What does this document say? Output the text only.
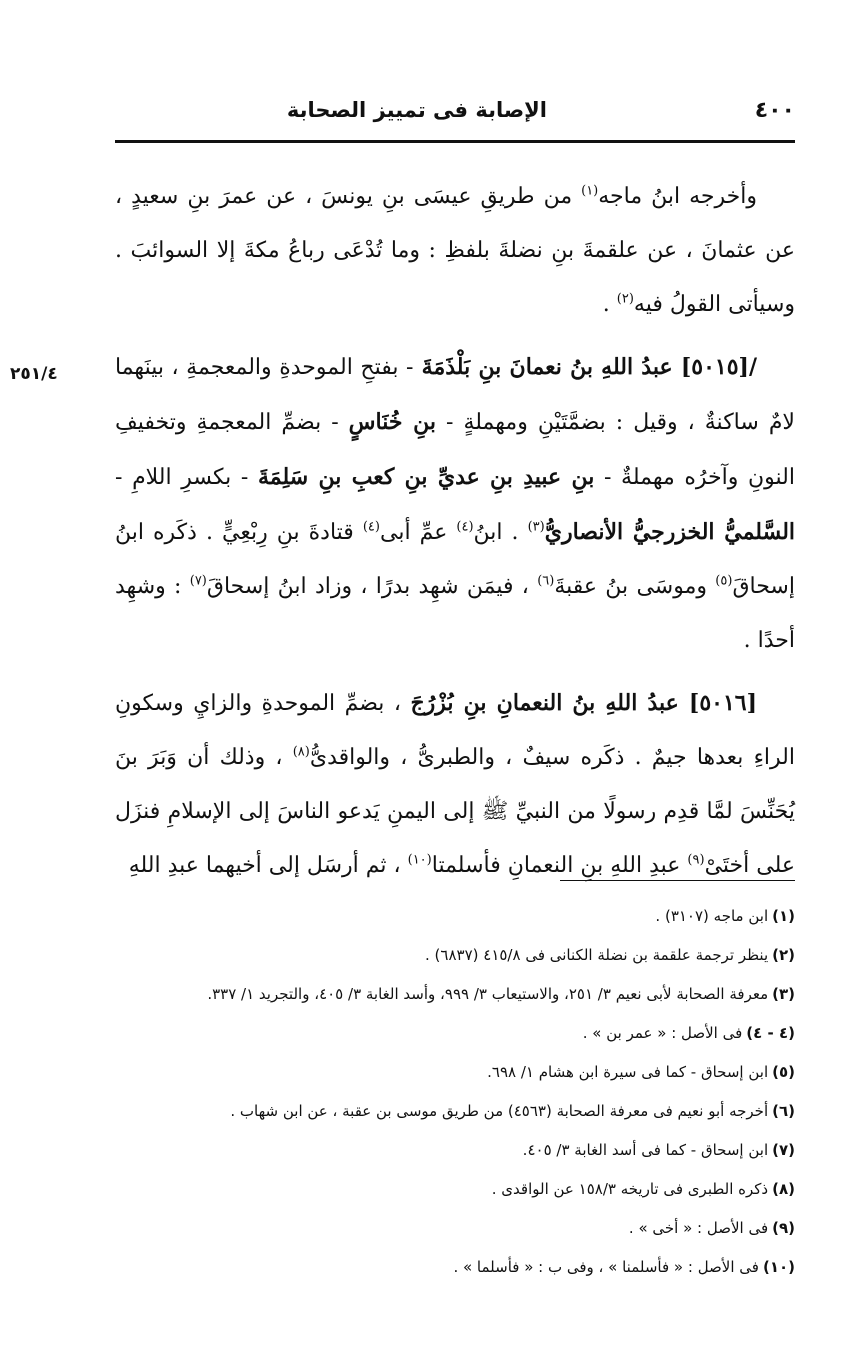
٤٠٠
الإصابة فى تمييز الصحابة
٢٥١/٤

وأخرجه ابنُ ماجه$^{(١)}$ من طريقِ عيسَى بنِ يونسَ ، عن عمرَ بنِ سعيدٍ ، عن عثمانَ ، عن علقمةَ بنِ نضلةَ بلفظِ : وما تُدْعَى رباعُ مكةَ إلا السوائبَ . وسيأتى القولُ فيه$^{(٢)}$ .

/[٥٠١٥] عبدُ اللهِ بنُ نعمانَ بنِ بَلْذَمَةَ - بفتحِ الموحدةِ والمعجمةِ ، بينَهما لامٌ ساكنةٌ ، وقيل : بضمَّتَيْنِ ومهملةٍ - بنِ خُنَاسٍ - بضمِّ المعجمةِ وتخفيفِ النونِ وآخرُه مهملةٌ - بنِ عبيدِ بنِ عديِّ بنِ كعبِ بنِ سَلِمَةَ - بكسرِ اللامِ - السَّلميُّ الخزرجيُّ الأنصاريُّ$^{(٣)}$ . ابنُ$^{(٤)}$ عمِّ أبى$^{(٤)}$ قتادةَ بنِ رِبْعِيٍّ . ذكَره ابنُ إسحاقَ$^{(٥)}$ وموسَى بنُ عقبةَ$^{(٦)}$ ، فيمَن شهِد بدرًا ، وزاد ابنُ إسحاقَ$^{(٧)}$ : وشهِد أحدًا .

[٥٠١٦] عبدُ اللهِ بنُ النعمانِ بنِ بُزْرُجَ ، بضمِّ الموحدةِ والزايِ وسكونِ الراءِ بعدها جيمٌ . ذكَره سيفٌ ، والطبرىُّ ، والواقدىُّ$^{(٨)}$ ، وذلك أن وَبَرَ بنَ يُحَنِّسَ لمَّا قدِم رسولًا من النبيِّ ﷺ إلى اليمنِ يَدعو الناسَ إلى الإسلامِ فنزَل على أختَىْ$^{(٩)}$ عبدِ اللهِ بنِ النعمانِ فأسلمتا$^{(١٠)}$ ، ثم أرسَل إلى أخيهما عبدِ اللهِ

(١)ابن ماجه (٣١٠٧) .
(٢)ينظر ترجمة علقمة بن نضلة الكنانى فى ٤١٥/٨ (٦٨٣٧) .
(٣)معرفة الصحابة لأبى نعيم ٣/ ٢٥١، والاستيعاب ٣/ ٩٩٩، وأسد الغابة ٣/ ٤٠٥، والتجريد ١/ ٣٣٧.
(٤ - ٤)فى الأصل : « عمر بن » .
(٥)ابن إسحاق - كما فى سيرة ابن هشام ١/ ٦٩٨.
(٦)أخرجه أبو نعيم فى معرفة الصحابة (٤٥٦٣) من طريق موسى بن عقبة ، عن ابن شهاب .
(٧)ابن إسحاق - كما فى أسد الغابة ٣/ ٤٠٥.
(٨)ذكره الطبرى فى تاريخه ١٥٨/٣ عن الواقدى .
(٩)فى الأصل : « أخى » .
(١٠)فى الأصل : « فأسلمنا » ، وفى ب : « فأسلما » .
